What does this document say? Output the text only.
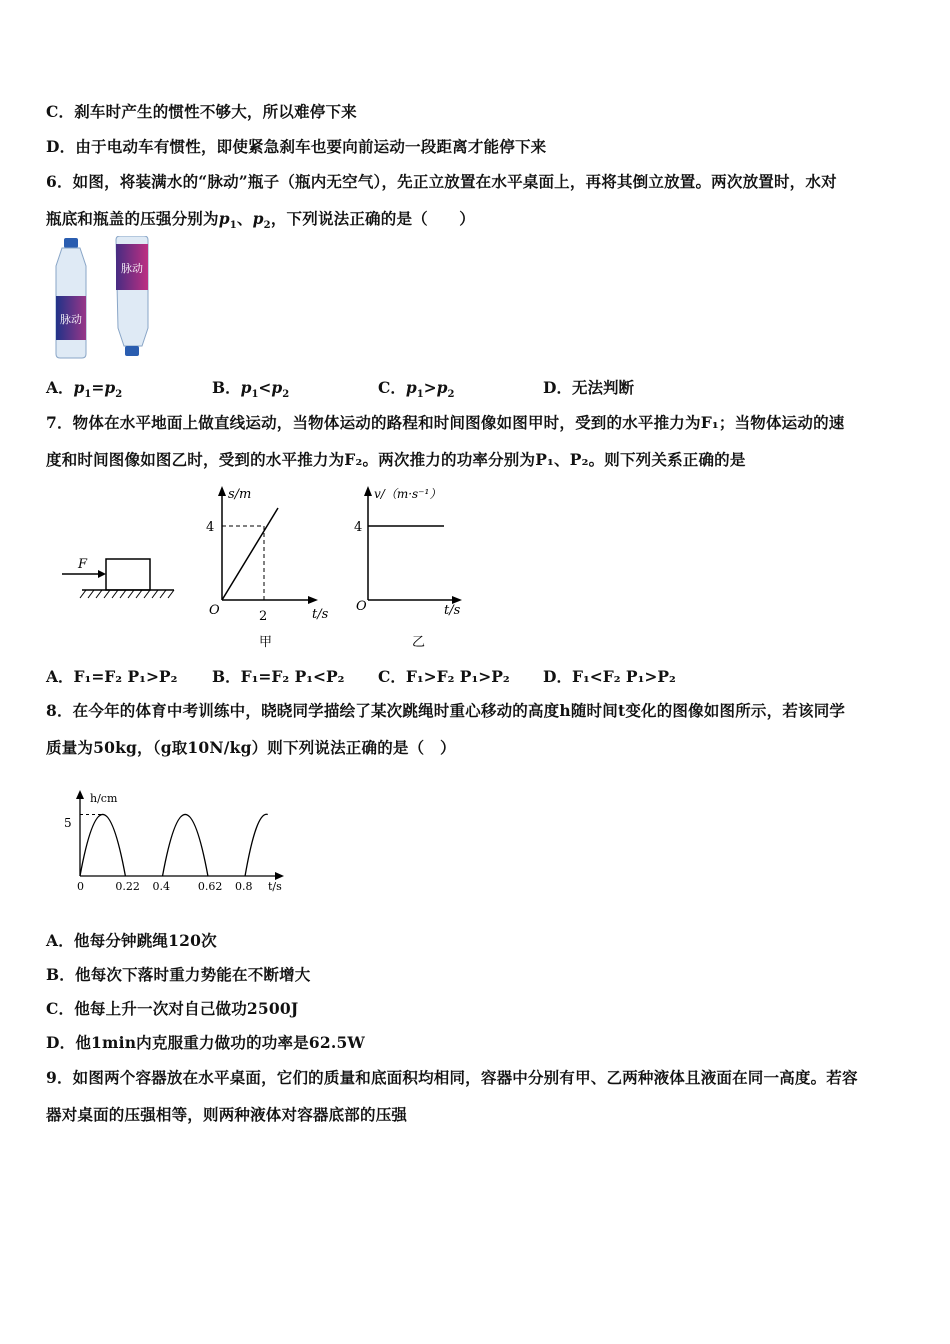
C．刹车时产生的惯性不够大，所以难停下来
D．由于电动车有惯性，即使紧急刹车也要向前运动一段距离才能停下来
6．如图，将装满水的“脉动”瓶子（瓶内无空气），先正立放置在水平桌面上，再将其倒立放置。两次放置时，水对
瓶底和瓶盖的压强分别为$p_1$、$p_2$，下列说法正确的是（　　）
脉动
脉动
A．$p_1=p_2$	B．$p_1<p_2$	C．$p_1>p_2$	D．无法判断
7．物体在水平地面上做直线运动，当物体运动的路程和时间图像如图甲时，受到的水平推力为F₁；当物体运动的速
度和时间图像如图乙时，受到的水平推力为F₂。两次推力的功率分别为P₁、P₂。则下列关系正确的是
F
s/m
4
O	2	t/s
甲
v/（m·s⁻¹）
4
O	t/s
乙
A．F₁=F₂ P₁>P₂ B．F₁=F₂ P₁<P₂ C．F₁>F₂ P₁>P₂ D．F₁<F₂ P₁>P₂
8．在今年的体育中考训练中，晓晓同学描绘了某次跳绳时重心移动的高度h随时间t变化的图像如图所示，若该同学
质量为50kg，（g取10N/kg）则下列说法正确的是（　）
h/cm
t/s
5
0	0.22 0.4	0.62 0.8
A．他每分钟跳绳120次
B．他每次下落时重力势能在不断增大
C．他每上升一次对自己做功2500J
D．他1min内克服重力做功的功率是62.5W
9．如图两个容器放在水平桌面，它们的质量和底面积均相同，容器中分别有甲、乙两种液体且液面在同一高度。若容
器对桌面的压强相等，则两种液体对容器底部的压强
